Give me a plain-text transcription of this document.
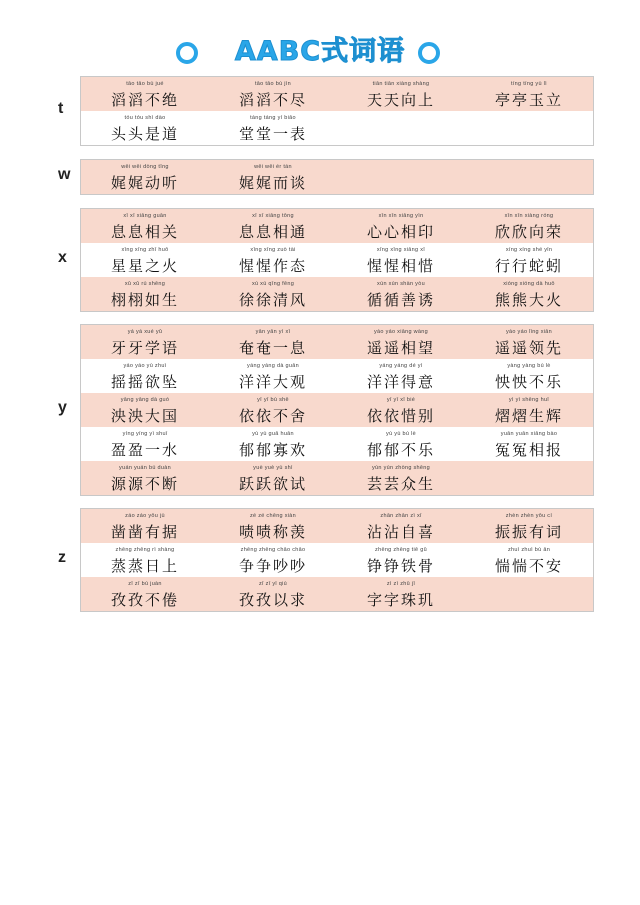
AABC式词语
tāo tāo bù jué
滔滔不绝
tāo tāo bù jìn
滔滔不尽
tiān tiān xiàng shàng
天天向上
tíng tíng yù lì
亭亭玉立
tóu tóu shì dào
头头是道
táng táng yí biǎo
堂堂一表
t
wěi wěi dòng tīng
娓娓动听
wěi wěi ér tán
娓娓而谈
w
xī xī xiāng guān
息息相关
xī xī xiāng tōng
息息相通
xīn xīn xiāng yìn
心心相印
xīn xīn xiàng róng
欣欣向荣
xīng xīng zhī huǒ
星星之火
xīng xīng zuò tài
惺惺作态
xīng xīng xiāng xī
惺惺相惜
xíng xíng shé yǐn
行行蛇蚓
xǔ xǔ rú shēng
栩栩如生
xú xú qīng fēng
徐徐清风
xún xún shàn yòu
循循善诱
xióng xióng dà huǒ
熊熊大火
x
yá yá xué yǔ
牙牙学语
yǎn yǎn yì xī
奄奄一息
yáo yáo xiāng wàng
遥遥相望
yáo yáo lǐng xiān
遥遥领先
yáo yáo yù zhuì
摇摇欲坠
yáng yáng dà guān
洋洋大观
yáng yáng dé yì
洋洋得意
yàng yàng bú lè
怏怏不乐
yāng yāng dà guó
泱泱大国
yī yī bù shě
依依不舍
yī yī xī bié
依依惜别
yì yì shēng huī
熠熠生辉
yíng yíng yì shuǐ
盈盈一水
yù yù guǎ huān
郁郁寡欢
yù yù bú lè
郁郁不乐
yuān yuān xiāng bào
冤冤相报
yuán yuán bú duàn
源源不断
yuè yuè yù shì
跃跃欲试
yún yún zhòng shēng
芸芸众生
y
záo záo yǒu jù
凿凿有据
zé zé chēng xiàn
啧啧称羡
zhān zhān zì xǐ
沾沾自喜
zhèn zhèn yǒu cí
振振有词
zhēng zhēng rì shàng
蒸蒸日上
zhēng zhēng chǎo chǎo
争争吵吵
zhēng zhēng tiě gǔ
铮铮铁骨
zhuì zhuì bù ān
惴惴不安
zī zī bú juàn
孜孜不倦
zī zī yǐ qiú
孜孜以求
zì zì zhū jī
字字珠玑
z
